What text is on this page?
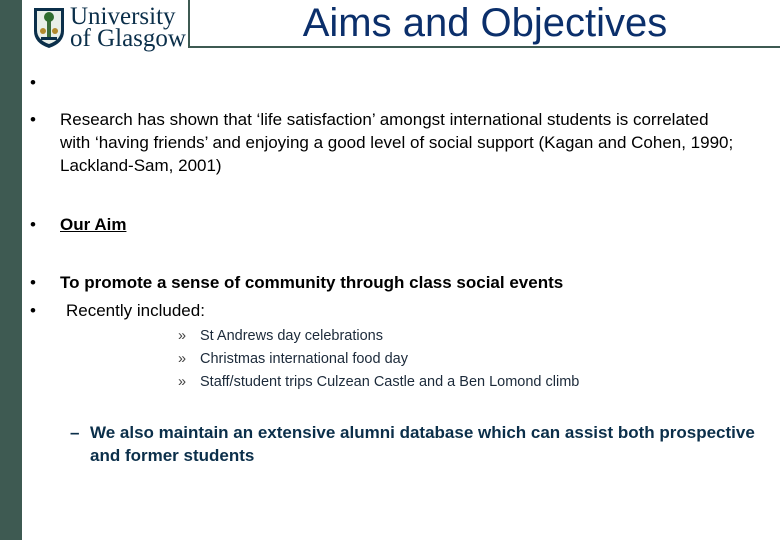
University
of Glasgow	Aims and Objectives
•
•	Research has shown that ‘life satisfaction’ amongst international students is correlated with ‘having friends’ and enjoying a good level of social support (Kagan and Cohen, 1990; Lackland-Sam, 2001)
•	Our Aim
•	To promote a sense of community through class social events
•	Recently included:
» St Andrews day celebrations
» Christmas international food day
» Staff/student trips Culzean Castle and a Ben Lomond climb
– We also maintain an extensive alumni database which can assist both prospective and former students
